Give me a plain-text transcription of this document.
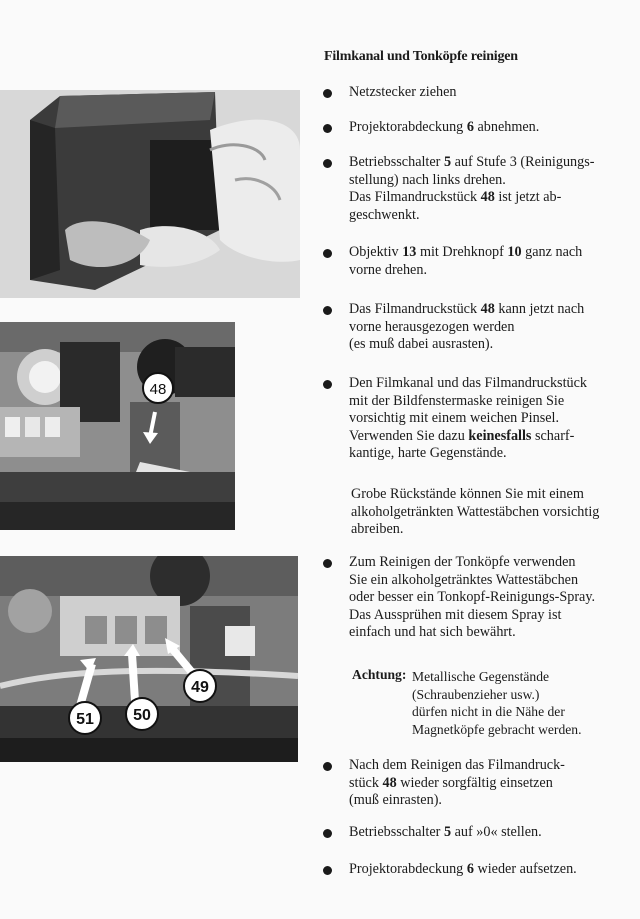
48
49
50
51
Filmkanal und Tonköpfe reinigen
Netzstecker ziehen
Projektorabdeckung 6 abnehmen.
Betriebsschalter 5 auf Stufe 3 (Reinigungs-
stellung) nach links drehen.
Das Filmandruckstück 48 ist jetzt ab-
geschwenkt.
Objektiv 13 mit Drehknopf 10 ganz nach
vorne drehen.
Das Filmandruckstück 48 kann jetzt nach
vorne herausgezogen werden
(es muß dabei ausrasten).
Den Filmkanal und das Filmandruckstück
mit der Bildfenstermaske reinigen Sie
vorsichtig mit einem weichen Pinsel.
Verwenden Sie dazu keinesfalls scharf-
kantige, harte Gegenstände.
Grobe Rückstände können Sie mit einem
alkoholgetränkten Wattestäbchen vorsichtig
abreiben.
Zum Reinigen der Tonköpfe verwenden
Sie ein alkoholgetränktes Wattestäbchen
oder besser ein Tonkopf-Reinigungs-Spray.
Das Aussprühen mit diesem Spray ist
einfach und hat sich bewährt.
Achtung: Metallische Gegenstände
(Schraubenzieher usw.)
dürfen nicht in die Nähe der
Magnetköpfe gebracht werden.
Nach dem Reinigen das Filmandruck-
stück 48 wieder sorgfältig einsetzen
(muß einrasten).
Betriebsschalter 5 auf »0« stellen.
Projektorabdeckung 6 wieder aufsetzen.
